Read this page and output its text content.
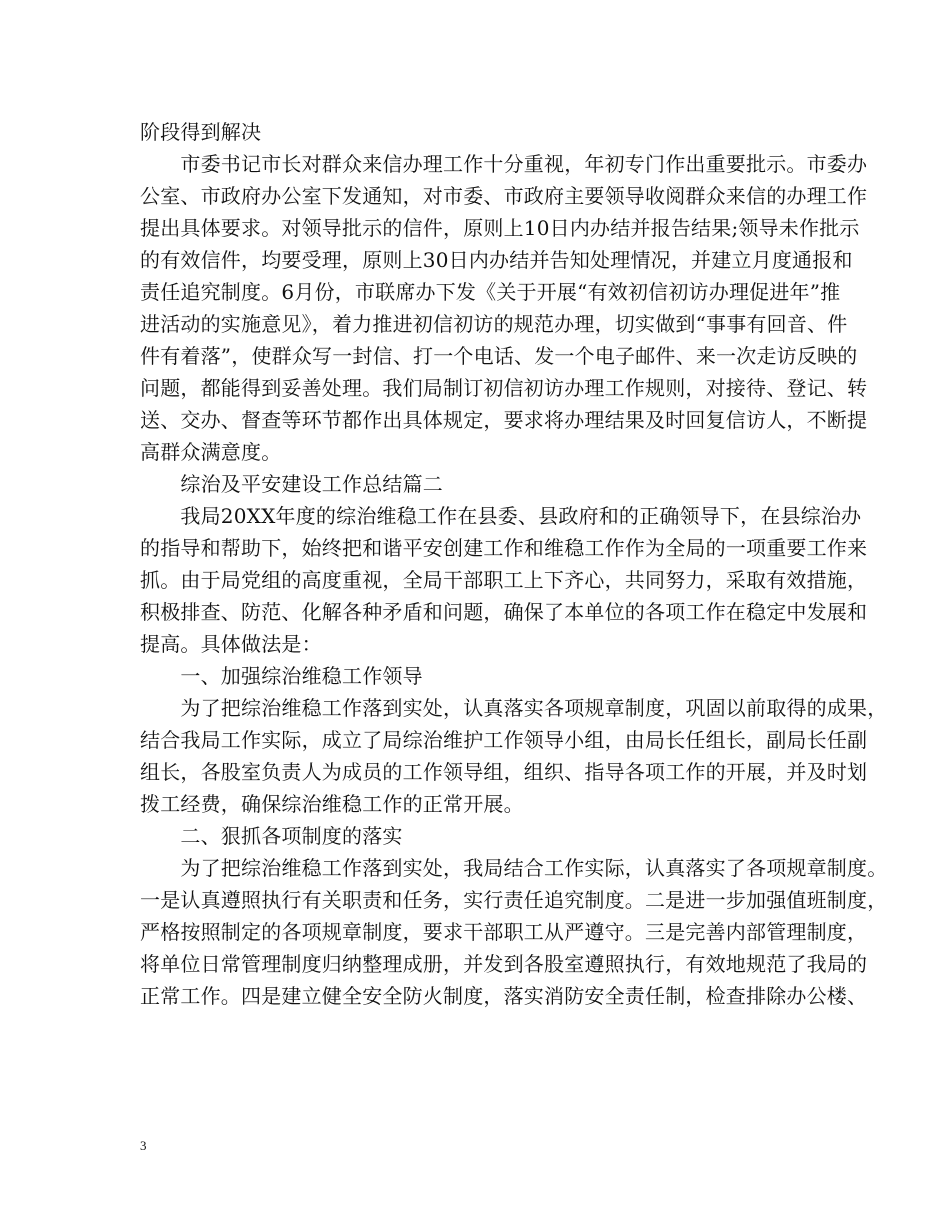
阶段得到解决
　　市委书记市长对群众来信办理工作十分重视，年初专门作出重要批示。市委办
公室、市政府办公室下发通知，对市委、市政府主要领导收阅群众来信的办理工作
提出具体要求。对领导批示的信件，原则上10日内办结并报告结果;领导未作批示
的有效信件，均要受理，原则上30日内办结并告知处理情况，并建立月度通报和
责任追究制度。6月份，市联席办下发《关于开展“有效初信初访办理促进年”推
进活动的实施意见》，着力推进初信初访的规范办理，切实做到“事事有回音、件
件有着落”，使群众写一封信、打一个电话、发一个电子邮件、来一次走访反映的
问题，都能得到妥善处理。我们局制订初信初访办理工作规则，对接待、登记、转
送、交办、督查等环节都作出具体规定，要求将办理结果及时回复信访人，不断提
高群众满意度。
　　综治及平安建设工作总结篇二
　　我局20XX年度的综治维稳工作在县委、县政府和的正确领导下，在县综治办
的指导和帮助下，始终把和谐平安创建工作和维稳工作作为全局的一项重要工作来
抓。由于局党组的高度重视，全局干部职工上下齐心，共同努力，采取有效措施，
积极排查、防范、化解各种矛盾和问题，确保了本单位的各项工作在稳定中发展和
提高。具体做法是：
　　一、加强综治维稳工作领导
　　为了把综治维稳工作落到实处，认真落实各项规章制度，巩固以前取得的成果，
结合我局工作实际，成立了局综治维护工作领导小组，由局长任组长，副局长任副
组长，各股室负责人为成员的工作领导组，组织、指导各项工作的开展，并及时划
拨工经费，确保综治维稳工作的正常开展。
　　二、狠抓各项制度的落实
　　为了把综治维稳工作落到实处，我局结合工作实际，认真落实了各项规章制度。
一是认真遵照执行有关职责和任务，实行责任追究制度。二是进一步加强值班制度，
严格按照制定的各项规章制度，要求干部职工从严遵守。三是完善内部管理制度，
将单位日常管理制度归纳整理成册，并发到各股室遵照执行，有效地规范了我局的
正常工作。四是建立健全安全防火制度，落实消防安全责任制，检查排除办公楼、
3
